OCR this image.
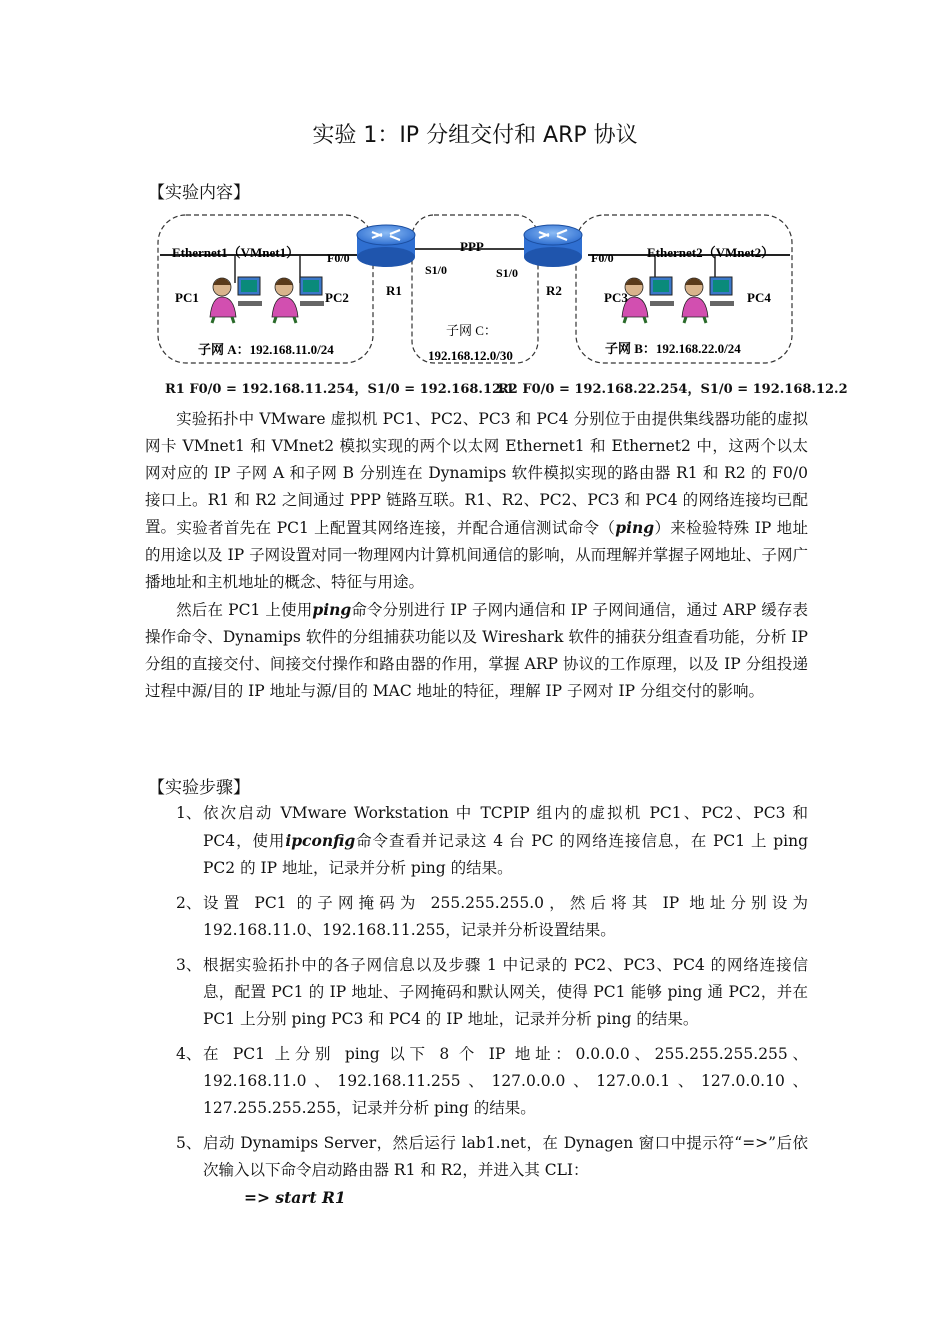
实验 1：IP 分组交付和 ARP 协议
【实验内容】
Ethernet1（VMnet1）	Ethernet2（VMnet2）
F0/0	F0/0
PPP
S1/0	S1/0
R1	R2
PC1	PC2	PC3	PC4
子网 A：192.168.11.0/24	子网 B：192.168.22.0/24
子网 C：
192.168.12.0/30
R1 F0/0 = 192.168.11.254，S1/0 = 192.168.12.1
R2 F0/0 = 192.168.22.254，S1/0 = 192.168.12.2
实验拓扑中 VMware 虚拟机 PC1、PC2、PC3 和 PC4 分别位于由提供集线器功能的虚拟网卡 VMnet1 和 VMnet2 模拟实现的两个以太网 Ethernet1 和 Ethernet2 中，这两个以太网对应的 IP 子网 A 和子网 B 分别连在 Dynamips 软件模拟实现的路由器 R1 和 R2 的 F0/0 接口上。R1 和 R2 之间通过 PPP 链路互联。R1、R2、PC2、PC3 和 PC4 的网络连接均已配置。 实验者首先在 PC1 上配置其网络连接，并配合通信测试命令（ping）来检验特殊 IP 地址的用途以及 IP 子网设置对同一物理网内计算机间通信的影响，从而理解并掌握子网地址、子网广播地址和主机地址的概念、特征与用途。
然后在 PC1 上使用ping命令分别进行 IP 子网内通信和 IP 子网间通信，通过 ARP 缓存表操作命令、Dynamips 软件的分组捕获功能以及 Wireshark 软件的捕获分组查看功能，分析 IP 分组的直接交付、间接交付操作和路由器的作用，掌握 ARP 协议的工作原理，以及 IP 分组投递过程中源/目的 IP 地址与源/目的 MAC 地址的特征，理解 IP 子网对 IP 分组交付的影响。
【实验步骤】
1、 依次启动 VMware Workstation 中 TCPIP 组内的虚拟机 PC1、PC2、PC3 和 PC4，使用ipconfig命令查看并记录这 4 台 PC 的网络连接信息，在 PC1 上 ping PC2 的 IP 地址，记录并分析 ping 的结果。
2、 设置 PC1 的子网掩码为 255.255.255.0，然后将其 IP 地址分别设为 192.168.11.0、192.168.11.255，记录并分析设置结果。
3、 根据实验拓扑中的各子网信息以及步骤 1 中记录的 PC2、PC3、PC4 的网络连接信息，配置 PC1 的 IP 地址、子网掩码和默认网关，使得 PC1 能够 ping 通 PC2，并在 PC1 上分别 ping PC3 和 PC4 的 IP 地址，记录并分析 ping 的结果。
4、 在 PC1 上分别 ping 以下 8 个 IP 地址：0.0.0.0、255.255.255.255、192.168.11.0、192.168.11.255、127.0.0.0、127.0.0.1、127.0.0.10、127.255.255.255，记录并分析 ping 的结果。
5、 启动 Dynamips Server，然后运行 lab1.net，在 Dynagen 窗口中提示符“=>”后依次输入以下命令启动路由器 R1 和 R2，并进入其 CLI：
=> start R1
